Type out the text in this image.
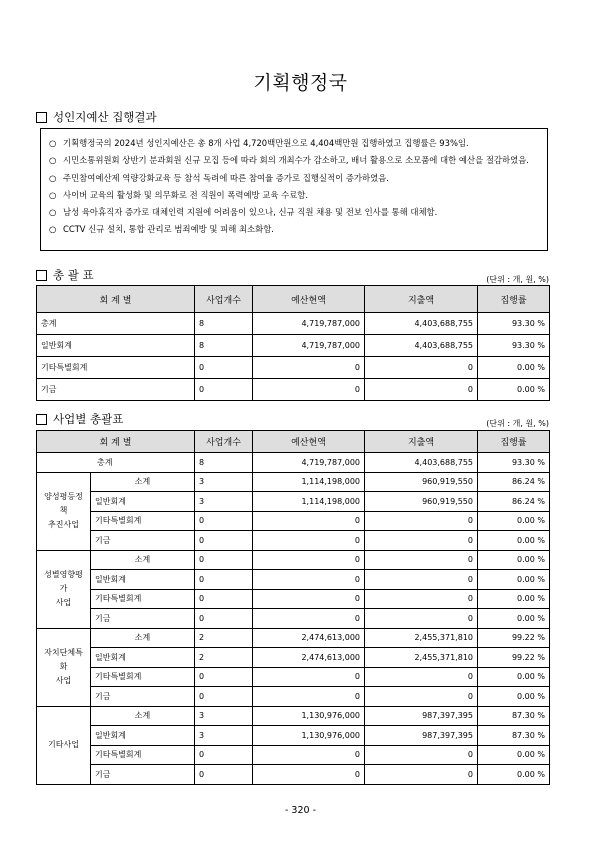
기획행정국
성인지예산 집행결과
○ 기획행정국의 2024년 성인지예산은 총 8개 사업 4,720백만원으로 4,404백만원 집행하였고 집행률은 93%임.
○ 시민소통위원회 상반기 분과회원 신규 모집 등에 따라 회의 개최수가 감소하고, 배너 활용으로 소모품에 대한 예산을 절감하였음.
○ 주민참여예산제 역량강화교육 등 참석 독려에 따른 참여율 증가로 집행실적이 증가하였음.
○ 사이버 교육의 활성화 및 의무화로 전 직원이 폭력예방 교육 수료함.
○ 남성 육아휴직자 증가로 대체인력 지원에 어려움이 있으나, 신규 직원 채용 및 전보 인사를 통해 대체함.
○ CCTV 신규 설치, 통합 관리로 범죄예방 및 피해 최소화함.
총 괄 표	(단위 : 개, 원, %)
회 계 별	사업개수	예산현액	지출액	집행률
총계	8	4,719,787,000	4,403,688,755	93.30 %
일반회계	8	4,719,787,000	4,403,688,755	93.30 %
기타특별회계	0	0	0	0.00 %
기금	0	0	0	0.00 %
사업별 총괄표	(단위 : 개, 원, %)
회 계 별		사업개수	예산현액	지출액	집행률
총계		8	4,719,787,000	4,403,688,755	93.30 %
양성평등정책
추진사업	소계	3	1,114,198,000	960,919,550	86.24 %
	일반회계	3	1,114,198,000	960,919,550	86.24 %
	기타특별회계	0	0	0	0.00 %
	기금	0	0	0	0.00 %
성별영향평가
사업	소계	0	0	0	0.00 %
	일반회계	0	0	0	0.00 %
	기타특별회계	0	0	0	0.00 %
	기금	0	0	0	0.00 %
자치단체특화
사업	소계	2	2,474,613,000	2,455,371,810	99.22 %
	일반회계	2	2,474,613,000	2,455,371,810	99.22 %
	기타특별회계	0	0	0	0.00 %
	기금	0	0	0	0.00 %
기타사업	소계	3	1,130,976,000	987,397,395	87.30 %
	일반회계	3	1,130,976,000	987,397,395	87.30 %
	기타특별회계	0	0	0	0.00 %
	기금	0	0	0	0.00 %
- 320 -
